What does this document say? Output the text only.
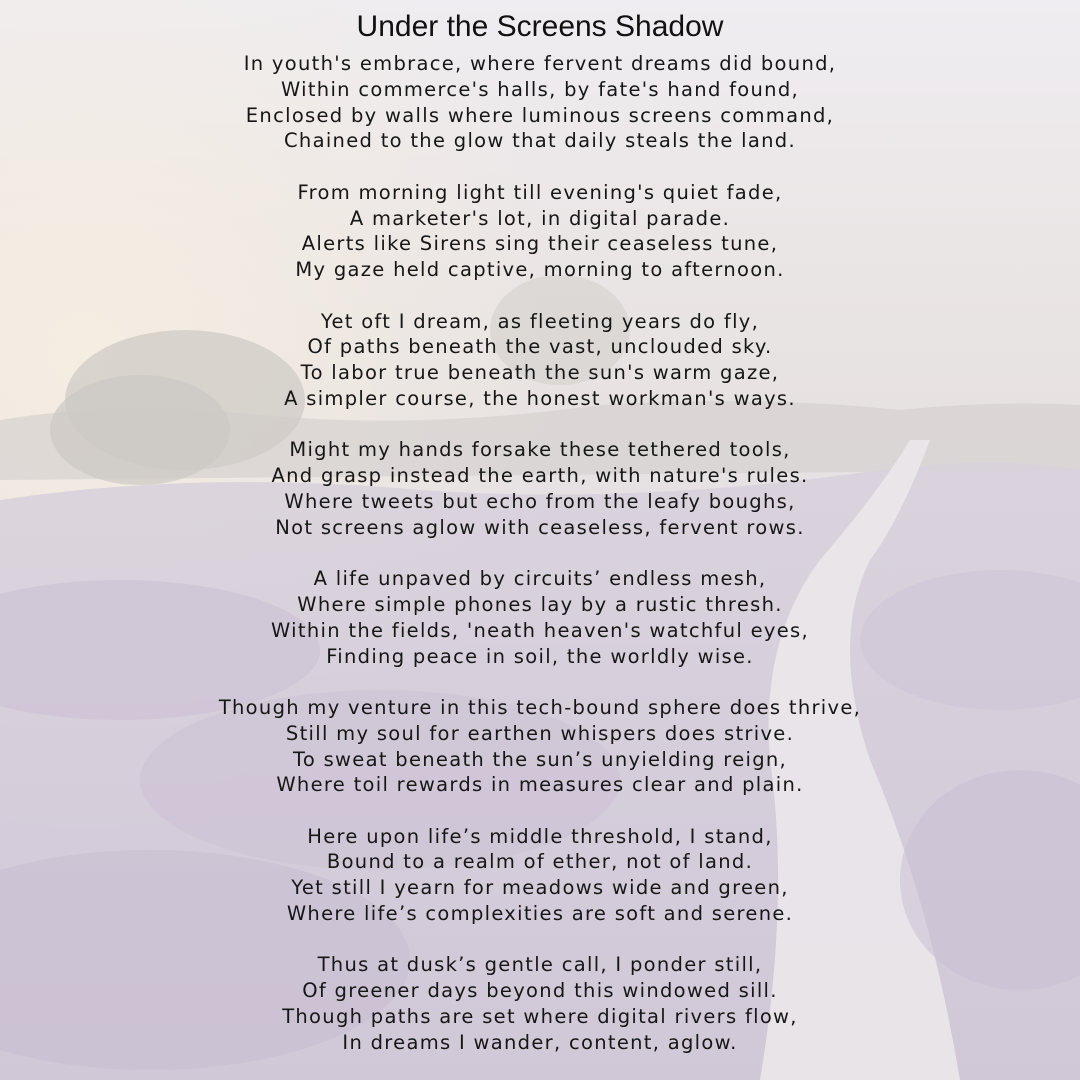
Under the Screens Shadow
In youth's embrace, where fervent dreams did bound,
Within commerce's halls, by fate's hand found,
Enclosed by walls where luminous screens command,
Chained to the glow that daily steals the land.
From morning light till evening's quiet fade,
A marketer's lot, in digital parade.
Alerts like Sirens sing their ceaseless tune,
My gaze held captive, morning to afternoon.
Yet oft I dream, as fleeting years do fly,
Of paths beneath the vast, unclouded sky.
To labor true beneath the sun's warm gaze,
A simpler course, the honest workman's ways.
Might my hands forsake these tethered tools,
And grasp instead the earth, with nature's rules.
Where tweets but echo from the leafy boughs,
Not screens aglow with ceaseless, fervent rows.
A life unpaved by circuits’ endless mesh,
Where simple phones lay by a rustic thresh.
Within the fields, 'neath heaven's watchful eyes,
Finding peace in soil, the worldly wise.
Though my venture in this tech-bound sphere does thrive,
Still my soul for earthen whispers does strive.
To sweat beneath the sun’s unyielding reign,
Where toil rewards in measures clear and plain.
Here upon life’s middle threshold, I stand,
Bound to a realm of ether, not of land.
Yet still I yearn for meadows wide and green,
Where life’s complexities are soft and serene.
Thus at dusk’s gentle call, I ponder still,
Of greener days beyond this windowed sill.
Though paths are set where digital rivers flow,
In dreams I wander, content, aglow.
